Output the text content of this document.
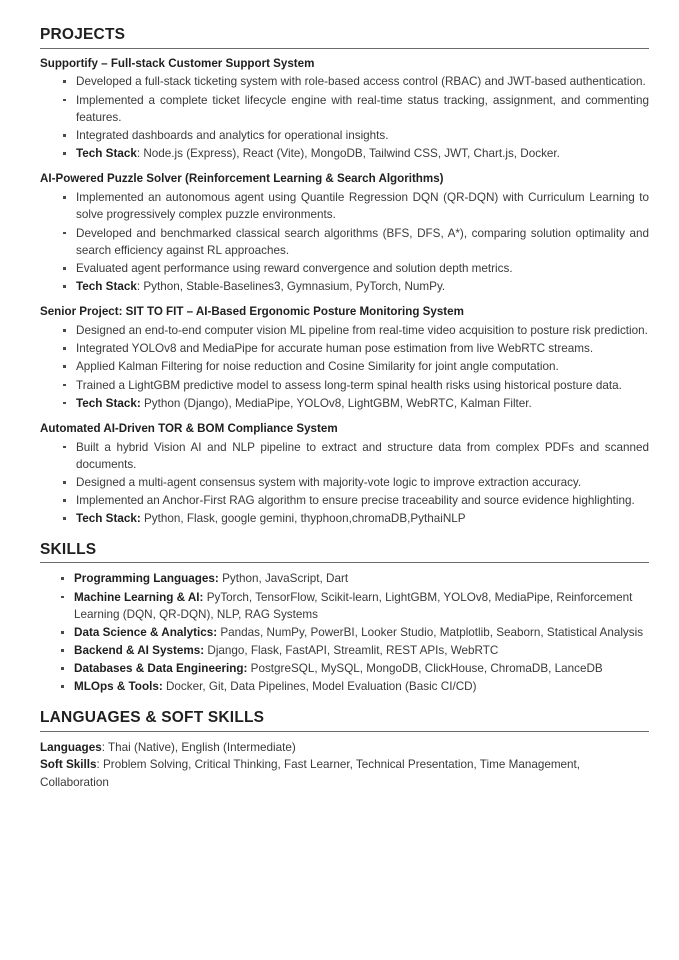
PROJECTS
Supportify – Full-stack Customer Support System
Developed a full-stack ticketing system with role-based access control (RBAC) and JWT-based authentication.
Implemented a complete ticket lifecycle engine with real-time status tracking, assignment, and commenting features.
Integrated dashboards and analytics for operational insights.
Tech Stack: Node.js (Express), React (Vite), MongoDB, Tailwind CSS, JWT, Chart.js, Docker.
AI-Powered Puzzle Solver (Reinforcement Learning & Search Algorithms)
Implemented an autonomous agent using Quantile Regression DQN (QR-DQN) with Curriculum Learning to solve progressively complex puzzle environments.
Developed and benchmarked classical search algorithms (BFS, DFS, A*), comparing solution optimality and search efficiency against RL approaches.
Evaluated agent performance using reward convergence and solution depth metrics.
Tech Stack: Python, Stable-Baselines3, Gymnasium, PyTorch, NumPy.
Senior Project: SIT TO FIT – AI-Based Ergonomic Posture Monitoring System
Designed an end-to-end computer vision ML pipeline from real-time video acquisition to posture risk prediction.
Integrated YOLOv8 and MediaPipe for accurate human pose estimation from live WebRTC streams.
Applied Kalman Filtering for noise reduction and Cosine Similarity for joint angle computation.
Trained a LightGBM predictive model to assess long-term spinal health risks using historical posture data.
Tech Stack: Python (Django), MediaPipe, YOLOv8, LightGBM, WebRTC, Kalman Filter.
Automated AI-Driven TOR & BOM Compliance System
Built a hybrid Vision AI and NLP pipeline to extract and structure data from complex PDFs and scanned documents.
Designed a multi-agent consensus system with majority-vote logic to improve extraction accuracy.
Implemented an Anchor-First RAG algorithm to ensure precise traceability and source evidence highlighting.
Tech Stack: Python, Flask, google gemini, thyphoon,chromaDB,PythaiNLP
SKILLS
Programming Languages: Python, JavaScript, Dart
Machine Learning & AI: PyTorch, TensorFlow, Scikit-learn, LightGBM, YOLOv8, MediaPipe, Reinforcement Learning (DQN, QR-DQN), NLP, RAG Systems
Data Science & Analytics: Pandas, NumPy, PowerBI, Looker Studio, Matplotlib, Seaborn, Statistical Analysis
Backend & AI Systems: Django, Flask, FastAPI, Streamlit, REST APIs, WebRTC
Databases & Data Engineering: PostgreSQL, MySQL, MongoDB, ClickHouse, ChromaDB, LanceDB
MLOps & Tools: Docker, Git, Data Pipelines, Model Evaluation (Basic CI/CD)
LANGUAGES & SOFT SKILLS

Languages: Thai (Native), English (Intermediate)

Soft Skills: Problem Solving, Critical Thinking, Fast Learner, Technical Presentation, Time Management, Collaboration
